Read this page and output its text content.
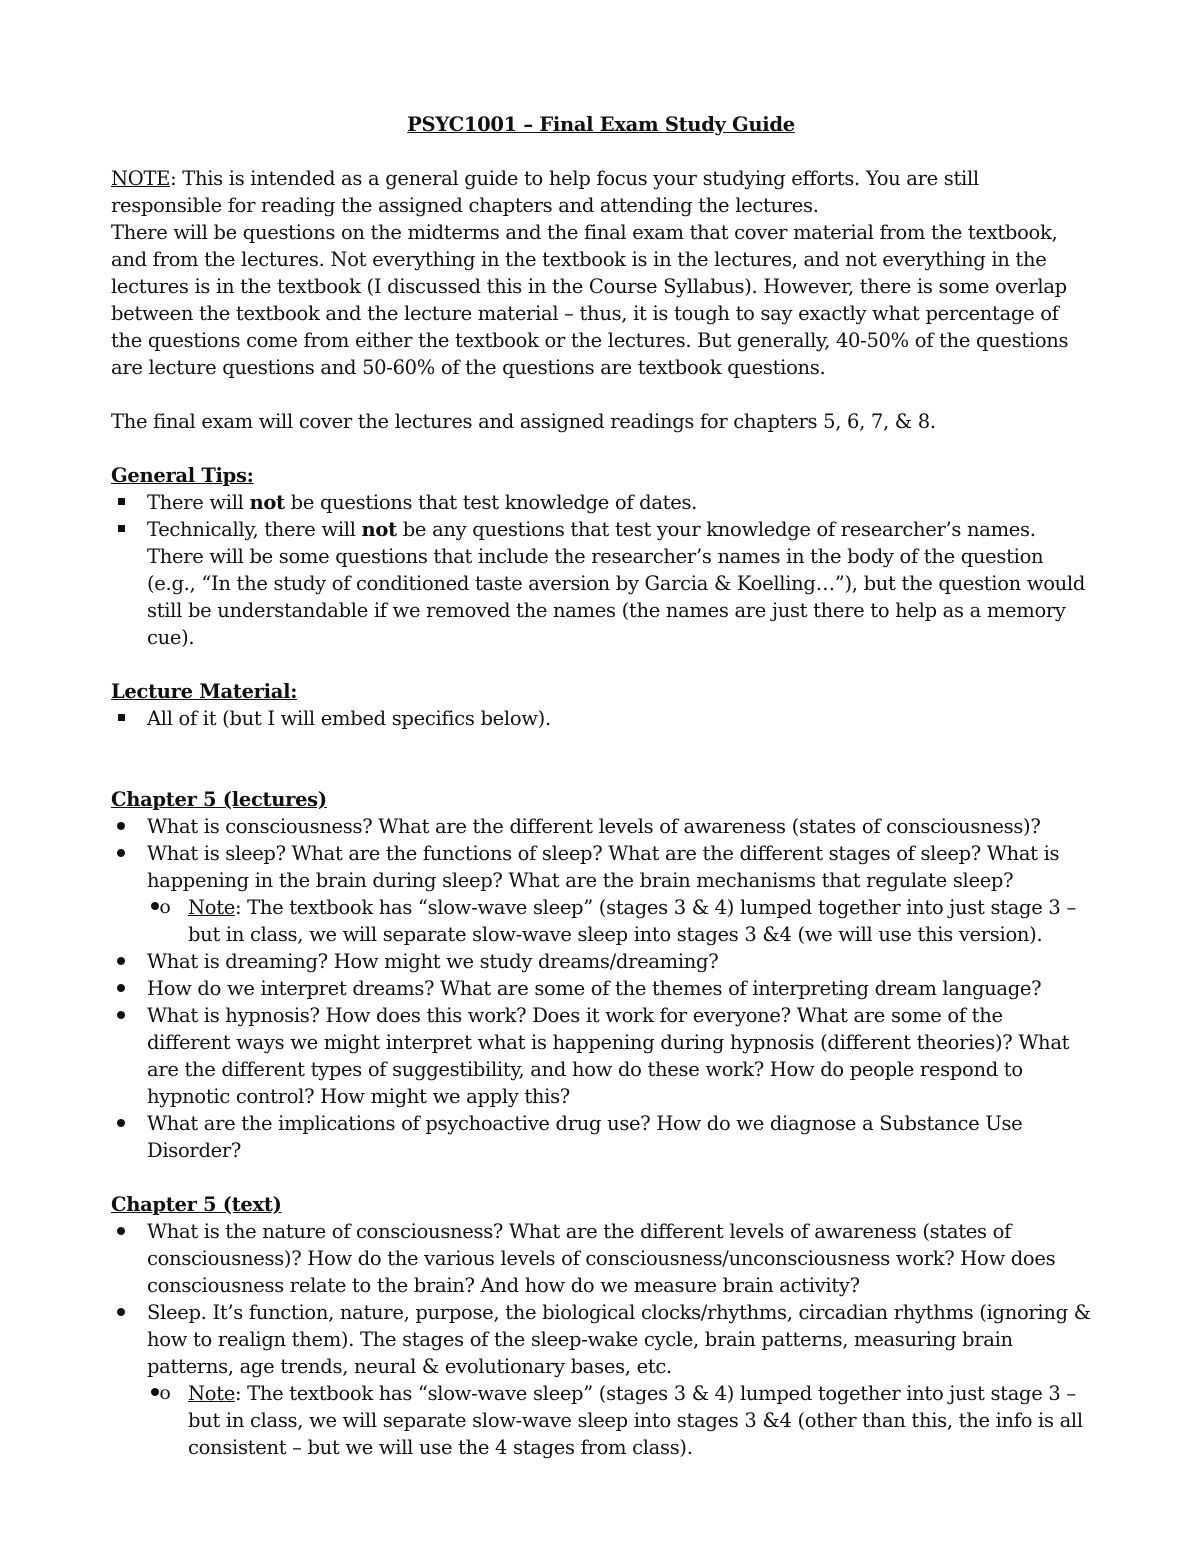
PSYC1001 – Final Exam Study Guide

NOTE: This is intended as a general guide to help focus your studying efforts. You are still responsible for reading the assigned chapters and attending the lectures.

There will be questions on the midterms and the final exam that cover material from the textbook, and from the lectures. Not everything in the textbook is in the lectures, and not everything in the lectures is in the textbook (I discussed this in the Course Syllabus). However, there is some overlap between the textbook and the lecture material – thus, it is tough to say exactly what percentage of the questions come from either the textbook or the lectures. But generally, 40-50% of the questions are lecture questions and 50-60% of the questions are textbook questions.

The final exam will cover the lectures and assigned readings for chapters 5, 6, 7, & 8.

General Tips:
There will not be questions that test knowledge of dates.
Technically, there will not be any questions that test your knowledge of researcher’s names. There will be some questions that include the researcher’s names in the body of the question (e.g., “In the study of conditioned taste aversion by Garcia & Koelling…”), but the question would still be understandable if we removed the names (the names are just there to help as a memory cue).
Lecture Material:
All of it (but I will embed specifics below).
Chapter 5 (lectures)
What is consciousness? What are the different levels of awareness (states of consciousness)?
What is sleep? What are the functions of sleep? What are the different stages of sleep? What is happening in the brain during sleep? What are the brain mechanisms that regulate sleep?
o Note: The textbook has “slow-wave sleep” (stages 3 & 4) lumped together into just stage 3 – but in class, we will separate slow-wave sleep into stages 3 &4 (we will use this version).
What is dreaming? How might we study dreams/dreaming?
How do we interpret dreams? What are some of the themes of interpreting dream language?
What is hypnosis? How does this work? Does it work for everyone? What are some of the different ways we might interpret what is happening during hypnosis (different theories)? What are the different types of suggestibility, and how do these work? How do people respond to hypnotic control? How might we apply this?
What are the implications of psychoactive drug use? How do we diagnose a Substance Use Disorder?
Chapter 5 (text)
What is the nature of consciousness? What are the different levels of awareness (states of consciousness)? How do the various levels of consciousness/unconsciousness work? How does consciousness relate to the brain? And how do we measure brain activity?
Sleep. It’s function, nature, purpose, the biological clocks/rhythms, circadian rhythms (ignoring & how to realign them). The stages of the sleep-wake cycle, brain patterns, measuring brain patterns, age trends, neural & evolutionary bases, etc.
o Note: The textbook has “slow-wave sleep” (stages 3 & 4) lumped together into just stage 3 – but in class, we will separate slow-wave sleep into stages 3 &4 (other than this, the info is all consistent – but we will use the 4 stages from class).
